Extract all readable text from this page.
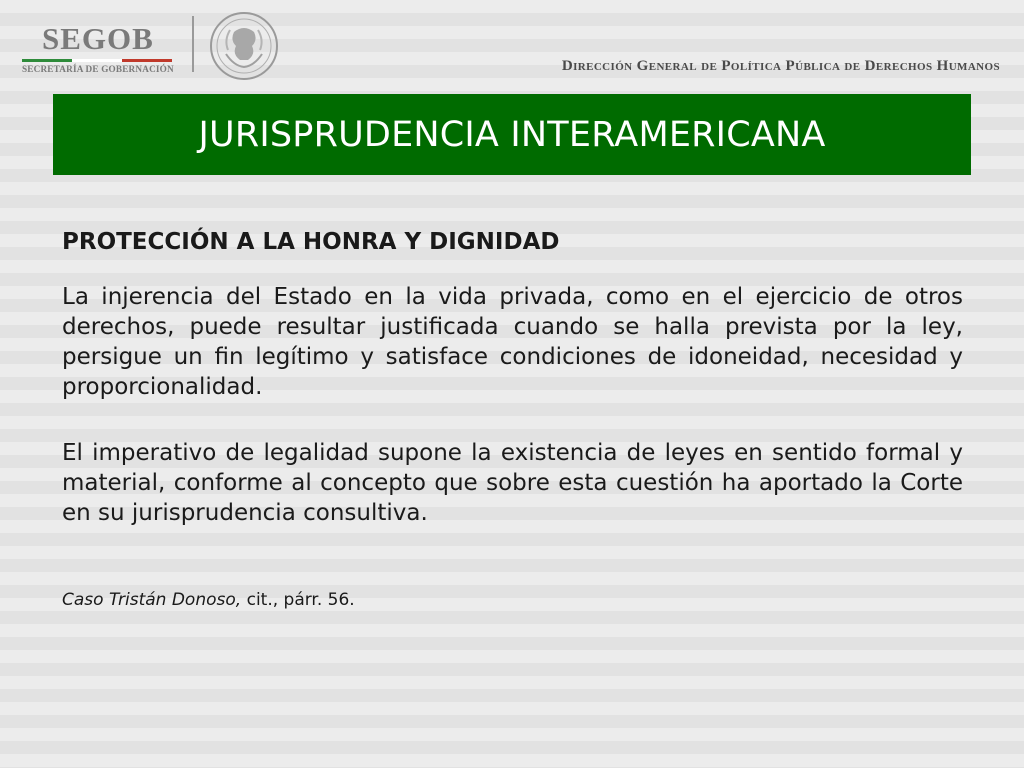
SEGOB
SECRETARÍA DE GOBERNACIÓN	Dirección General de Política Pública de Derechos Humanos
JURISPRUDENCIA INTERAMERICANA

PROTECCIÓN A LA HONRA Y DIGNIDAD

La injerencia del Estado en la vida privada, como en el ejercicio de otros derechos, puede resultar justificada cuando se halla prevista por la ley, persigue un fin legítimo y satisface condiciones de idoneidad, necesidad y proporcionalidad.

El imperativo de legalidad supone la existencia de leyes en sentido formal y material, conforme al concepto que sobre esta cuestión ha aportado la Corte en su jurisprudencia consultiva.

Caso Tristán Donoso, cit., párr. 56.
